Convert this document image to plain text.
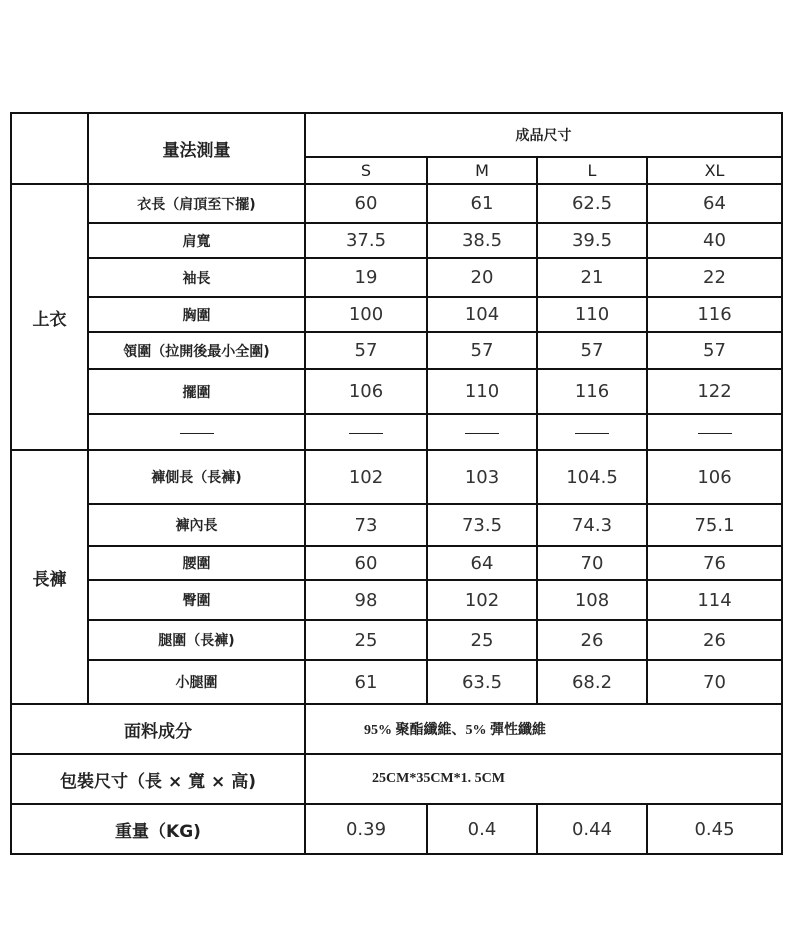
	量法測量	成品尺寸			
		S	M	L	XL
上衣	衣長（肩頂至下擺)	60	61	62.5	64
	肩寬	37.5	38.5	39.5	40
	袖長	19	20	21	22
	胸圍	100	104	110	116
	領圍（拉開後最小全圍)	57	57	57	57
	擺圍	106	110	116	122

長褲	褲側長（長褲)	102	103	104.5	106
	褲內長	73	73.5	74.3	75.1
	腰圍	60	64	70	76
	臀圍	98	102	108	114
	腿圍（長褲)	25	25	26	26
	小腿圍	61	63.5	68.2	70
面料成分		95% 聚酯纖維、5% 彈性纖維			
包裝尺寸（長 × 寬 × 高)		25CM*35CM*1. 5CM			
重量（KG)		0.39	0.4	0.44	0.45
